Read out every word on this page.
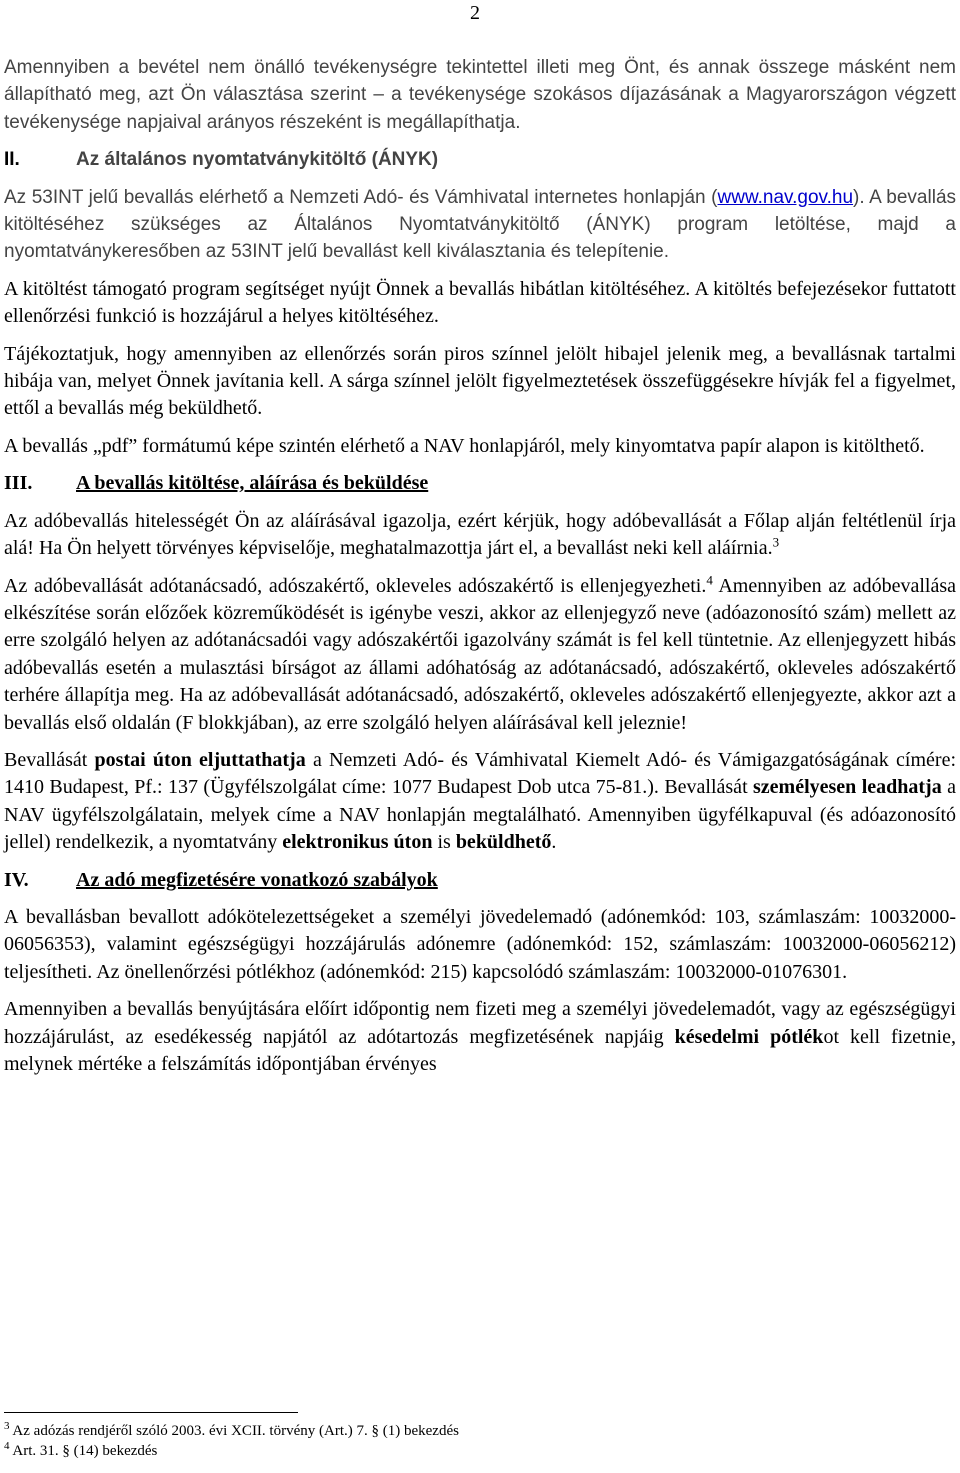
2

Amennyiben a bevétel nem önálló tevékenységre tekintettel illeti meg Önt, és annak összege másként nem állapítható meg, azt Ön választása szerint – a tevékenysége szokásos díjazásának a Magyarországon végzett tevékenysége napjaival arányos részeként is megállapíthatja.

II.	Az általános nyomtatványkitöltő (ÁNYK)

Az 53INT jelű bevallás elérhető a Nemzeti Adó- és Vámhivatal internetes honlapján (www.nav.gov.hu). A bevallás kitöltéséhez szükséges az Általános Nyomtatványkitöltő (ÁNYK) program letöltése, majd a nyomtatványkeresőben az 53INT jelű bevallást kell kiválasztania és telepítenie.

A kitöltést támogató program segítséget nyújt Önnek a bevallás hibátlan kitöltéséhez. A kitöltés befejezésekor futtatott ellenőrzési funkció is hozzájárul a helyes kitöltéséhez.

Tájékoztatjuk, hogy amennyiben az ellenőrzés során piros színnel jelölt hibajel jelenik meg, a bevallásnak tartalmi hibája van, melyet Önnek javítania kell. A sárga színnel jelölt figyelmeztetések összefüggésekre hívják fel a figyelmet, ettől a bevallás még beküldhető.

A bevallás „pdf” formátumú képe szintén elérhető a NAV honlapjáról, mely kinyomtatva papír alapon is kitölthető.

III. A bevallás kitöltése, aláírása és beküldése

Az adóbevallás hitelességét Ön az aláírásával igazolja, ezért kérjük, hogy adóbevallását a Főlap alján feltétlenül írja alá! Ha Ön helyett törvényes képviselője, meghatalmazottja járt el, a bevallást neki kell aláírnia.$^3$

Az adóbevallását adótanácsadó, adószakértő, okleveles adószakértő is ellenjegyezheti.$^4$ Amennyiben az adóbevallása elkészítése során előzőek közreműködését is igénybe veszi, akkor az ellenjegyző neve (adóazonosító szám) mellett az erre szolgáló helyen az adótanácsadói vagy adószakértői igazolvány számát is fel kell tüntetnie. Az ellenjegyzett hibás adóbevallás esetén a mulasztási bírságot az állami adóhatóság az adótanácsadó, adószakértő, okleveles adószakértő terhére állapítja meg. Ha az adóbevallását adótanácsadó, adószakértő, okleveles adószakértő ellenjegyezte, akkor azt a bevallás első oldalán (F blokkjában), az erre szolgáló helyen aláírásával kell jeleznie!

Bevallását postai úton eljuttathatja a Nemzeti Adó- és Vámhivatal Kiemelt Adó- és Vámigazgatóságának címére: 1410 Budapest, Pf.: 137 (Ügyfélszolgálat címe: 1077 Budapest Dob utca 75-81.). Bevallását személyesen leadhatja a NAV ügyfélszolgálatain, melyek címe a NAV honlapján megtalálható. Amennyiben ügyfélkapuval (és adóazonosító jellel) rendelkezik, a nyomtatvány elektronikus úton is beküldhető.

IV. Az adó megfizetésére vonatkozó szabályok

A bevallásban bevallott adókötelezettségeket a személyi jövedelemadó (adónemkód: 103, számlaszám: 10032000-06056353), valamint egészségügyi hozzájárulás adónemre (adónemkód: 152, számlaszám: 10032000-06056212) teljesítheti. Az önellenőrzési pótlékhoz (adónemkód: 215) kapcsolódó számlaszám: 10032000-01076301.

Amennyiben a bevallás benyújtására előírt időpontig nem fizeti meg a személyi jövedelemadót, vagy az egészségügyi hozzájárulást, az esedékesség napjától az adótartozás megfizetésének napjáig késedelmi pótlékot kell fizetnie, melynek mértéke a felszámítás időpontjában érvényes

$^3$ Az adózás rendjéről szóló 2003. évi XCII. törvény (Art.) 7. § (1) bekezdés

$^4$ Art. 31. § (14) bekezdés
